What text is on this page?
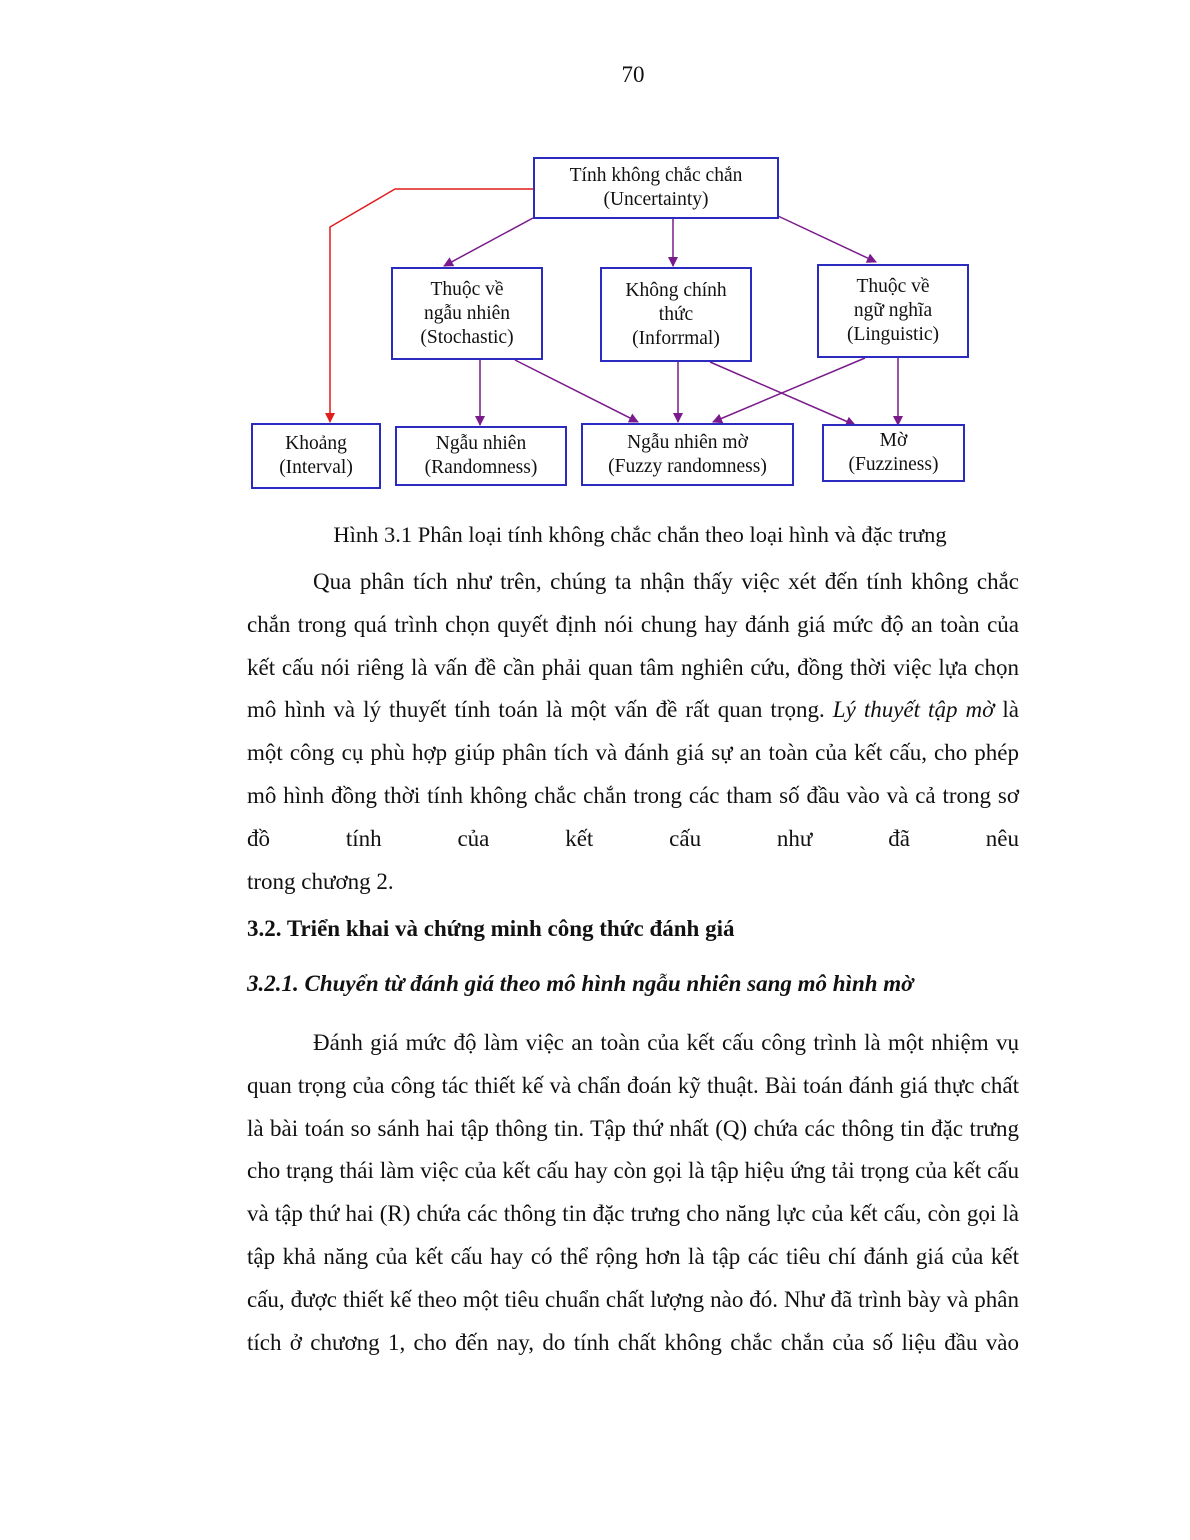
70
Tính không chắc chắn
(Uncertainty)
Thuộc về
ngẫu nhiên
(Stochastic)
Không chính
thức
(Inforrmal)
Thuộc về
ngữ nghĩa
(Linguistic)
Khoảng
(Interval)
Ngẫu nhiên
(Randomness)
Ngẫu nhiên mờ
(Fuzzy randomness)
Mờ
(Fuzziness)
Hình 3.1 Phân loại tính không chắc chắn theo loại hình và đặc trưng

Qua phân tích như trên, chúng ta nhận thấy việc xét đến tính không chắc chắn trong quá trình chọn quyết định nói chung hay đánh giá mức độ an toàn của kết cấu nói riêng là vấn đề cần phải quan tâm nghiên cứu, đồng thời việc lựa chọn mô hình và lý thuyết tính toán là một vấn đề rất quan trọng. Lý thuyết tập mờ là một công cụ phù hợp giúp phân tích và đánh giá sự an toàn của kết cấu, cho phép mô hình đồng thời tính không chắc chắn trong các tham số đầu vào và cả trong sơ đồ tính của kết cấu như đã nêu
trong chương 2.

3.2. Triển khai và chứng minh công thức đánh giá
3.2.1. Chuyển từ đánh giá theo mô hình ngẫu nhiên sang mô hình mờ

Đánh giá mức độ làm việc an toàn của kết cấu công trình là một nhiệm vụ quan trọng của công tác thiết kế và chẩn đoán kỹ thuật. Bài toán đánh giá thực chất là bài toán so sánh hai tập thông tin. Tập thứ nhất (Q) chứa các thông tin đặc trưng cho trạng thái làm việc của kết cấu hay còn gọi là tập hiệu ứng tải trọng của kết cấu và tập thứ hai (R) chứa các thông tin đặc trưng cho năng lực của kết cấu, còn gọi là tập khả năng của kết cấu hay có thể rộng hơn là tập các tiêu chí đánh giá của kết cấu, được thiết kế theo một tiêu chuẩn chất lượng nào đó. Như đã trình bày và phân tích ở chương 1, cho đến nay, do tính chất không chắc chắn của số liệu đầu vào
